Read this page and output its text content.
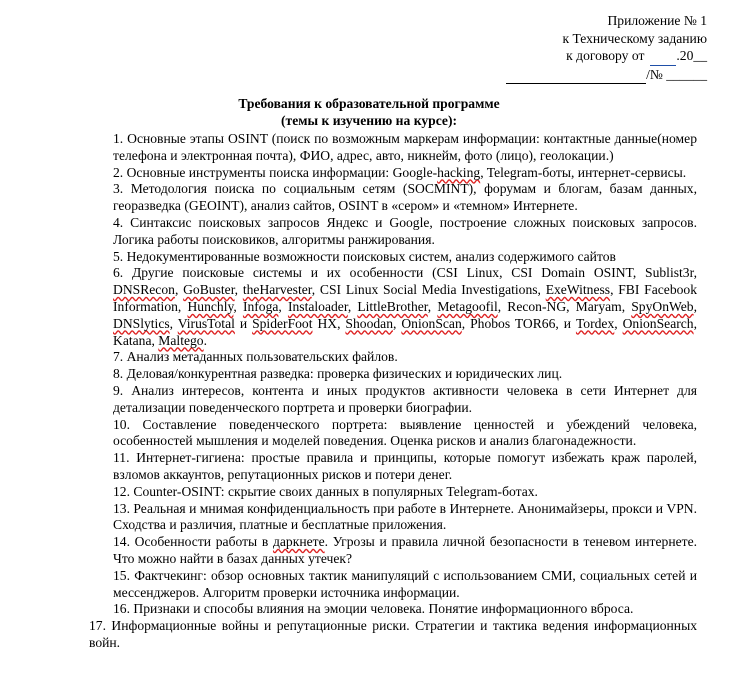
Приложение № 1
к Техническому заданию
к договору от .20__
/№ ______
Требования к образовательной программе
(темы к изучению на курсе):

1. Основные этапы OSINT (поиск по возможным маркерам информации: контактные данные(номер телефона и электронная почта), ФИО, адрес, авто, никнейм, фото (лицо), геолокации.)

2. Основные инструменты поиска информации: Google-hacking, Telegram-боты, интернет-сервисы.

3. Методология поиска по социальным сетям (SOCMINT), форумам и блогам, базам данных, георазведка (GEOINT), анализ сайтов, OSINT в «сером» и «темном» Интернете.

4. Синтаксис поисковых запросов Яндекс и Google, построение сложных поисковых запросов. Логика работы поисковиков, алгоритмы ранжирования.

5. Недокументированные возможности поисковых систем, анализ содержимого сайтов

6. Другие поисковые системы и их особенности (CSI Linux, CSI Domain OSINT, Sublist3r, DNSRecon, GoBuster, theHarvester, CSI Linux Social Media Investigations, ExeWitness, FBI Facebook Information, Hunchly, Infoga, Instaloader, LittleBrother, Metagoofil, Recon-NG, Maryam, SpyOnWeb, DNSlytics, VirusTotal и SpiderFoot HX, Shoodan, OnionScan, Phobos TOR66, и Tordex, OnionSearch, Katana, Maltego.

7. Анализ метаданных пользовательских файлов.

8. Деловая/конкурентная разведка: проверка физических и юридических лиц.

9. Анализ интересов, контента и иных продуктов активности человека в сети Интернет для детализации поведенческого портрета и проверки биографии.

10. Составление поведенческого портрета: выявление ценностей и убеждений человека, особенностей мышления и моделей поведения. Оценка рисков и анализ благонадежности.

11. Интернет-гигиена: простые правила и принципы, которые помогут избежать краж паролей, взломов аккаунтов, репутационных рисков и потери денег.

12. Counter-OSINT: скрытие своих данных в популярных Telegram-ботах.

13. Реальная и мнимая конфиденциальность при работе в Интернете. Анонимайзеры, прокси и VPN. Сходства и различия, платные и бесплатные приложения.

14. Особенности работы в даркнете. Угрозы и правила личной безопасности в теневом интернете. Что можно найти в базах данных утечек?

15. Фактчекинг: обзор основных тактик манипуляций с использованием СМИ, социальных сетей и мессенджеров. Алгоритм проверки источника информации.

16. Признаки и способы влияния на эмоции человека. Понятие информационного вброса.

17. Информационные войны и репутационные риски. Стратегии и тактика ведения информационных войн.
